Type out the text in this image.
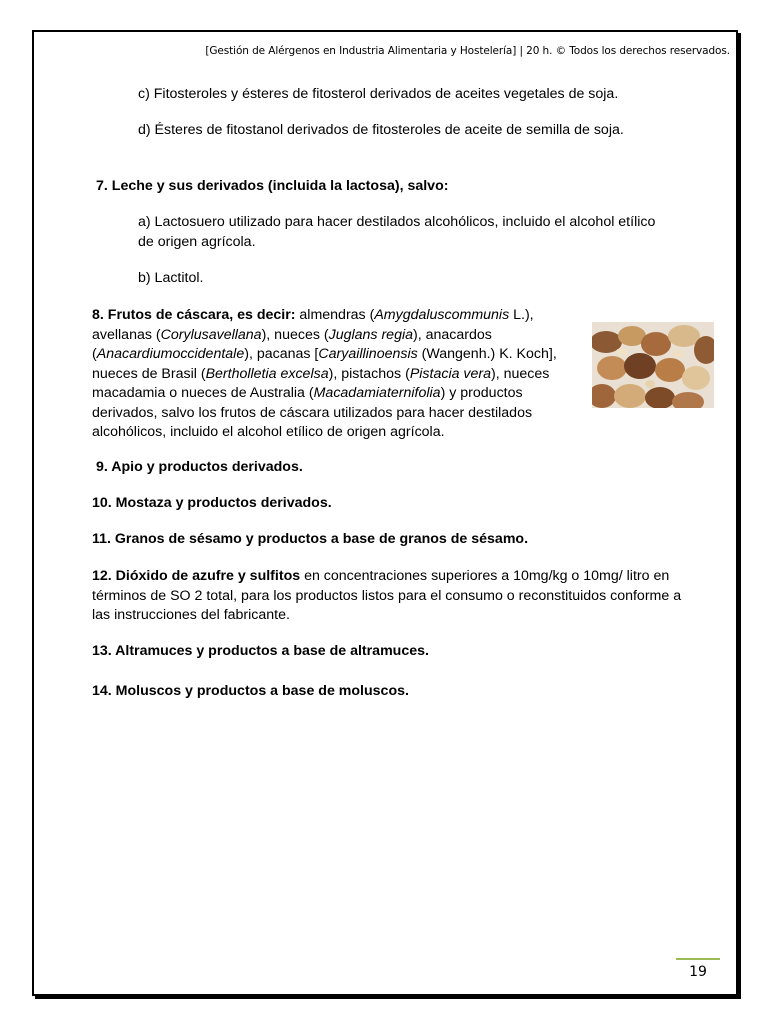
[Gestión de Alérgenos en Industria Alimentaria y Hostelería] | 20 h. © Todos los derechos reservados.
c) Fitosteroles y ésteres de fitosterol derivados de aceites vegetales de soja.
d) Ésteres de fitostanol derivados de fitosteroles de aceite de semilla de soja.
7. Leche y sus derivados (incluida la lactosa), salvo:
a) Lactosuero utilizado para hacer destilados alcohólicos, incluido el alcohol etílico de origen agrícola.
b) Lactitol.
8. Frutos de cáscara, es decir: almendras (Amygdaluscommunis L.), avellanas (Corylusavellana), nueces (Juglans regia), anacardos (Anacardiumoccidentale), pacanas [Caryaillinoensis (Wangenh.) K. Koch], nueces de Brasil (Bertholletia excelsa), pistachos (Pistacia vera), nueces macadamia o nueces de Australia (Macadamiaternifolia) y productos derivados, salvo los frutos de cáscara utilizados para hacer destilados alcohólicos, incluido el alcohol etílico de origen agrícola.
9. Apio y productos derivados.
10. Mostaza y productos derivados.
11. Granos de sésamo y productos a base de granos de sésamo.
12. Dióxido de azufre y sulfitos en concentraciones superiores a 10mg/kg o 10mg/ litro en términos de SO 2 total, para los productos listos para el consumo o reconstituidos conforme a las instrucciones del fabricante.
13. Altramuces y productos a base de altramuces.
14. Moluscos y productos a base de moluscos.
19
